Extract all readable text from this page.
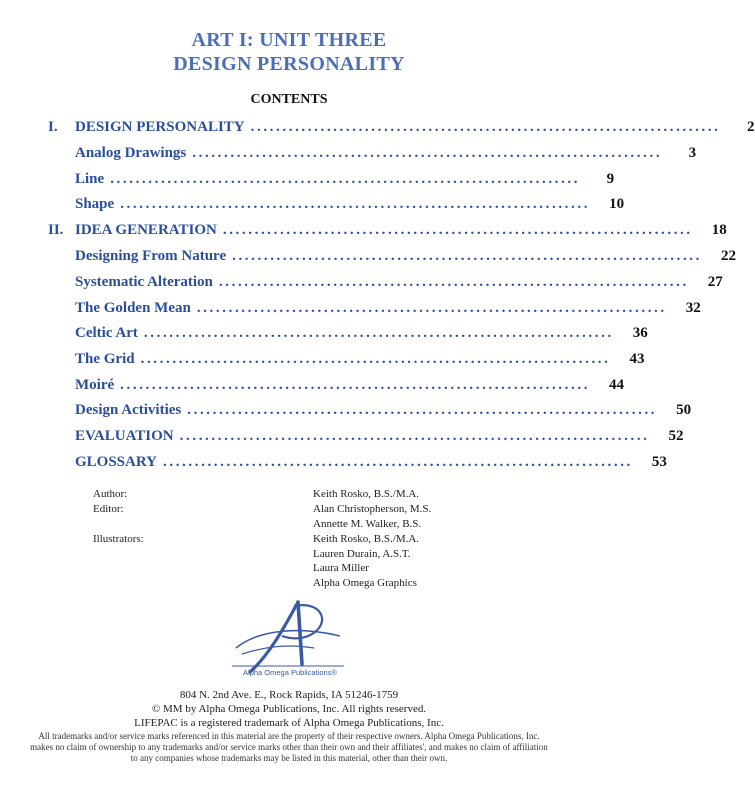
ART I: UNIT THREE
DESIGN PERSONALITY
CONTENTS
I.	DESIGN PERSONALITY ..........................................................................	2
Analog Drawings ..........................................................................	3
Line ..........................................................................	9
Shape ..........................................................................	10
II. IDEA GENERATION ..........................................................................	18
Designing From Nature ..........................................................................	22
Systematic Alteration ..........................................................................	27
The Golden Mean ..........................................................................	32
Celtic Art ..........................................................................	36
The Grid ..........................................................................	43
Moiré ..........................................................................	44
Design Activities ..........................................................................	50
EVALUATION ..........................................................................	52
GLOSSARY ..........................................................................	53
Author:	Keith Rosko, B.S./M.A.
Editor:	Alan Christopherson, M.S.
Annette M. Walker, B.S.
Illustrators:	Keith Rosko, B.S./M.A.
Lauren Durain, A.S.T.
Laura Miller
Alpha Omega Graphics
Alpha Omega Publications®
804 N. 2nd Ave. E., Rock Rapids, IA 51246-1759
© MM by Alpha Omega Publications, Inc. All rights reserved.
LIFEPAC is a registered trademark of Alpha Omega Publications, Inc.
All trademarks and/or service marks referenced in this material are the property of their respective owners. Alpha Omega Publications, Inc.
makes no claim of ownership to any trademarks and/or service marks other than their own and their affiliates', and makes no claim of affiliation
to any companies whose trademarks may be listed in this material, other than their own.
